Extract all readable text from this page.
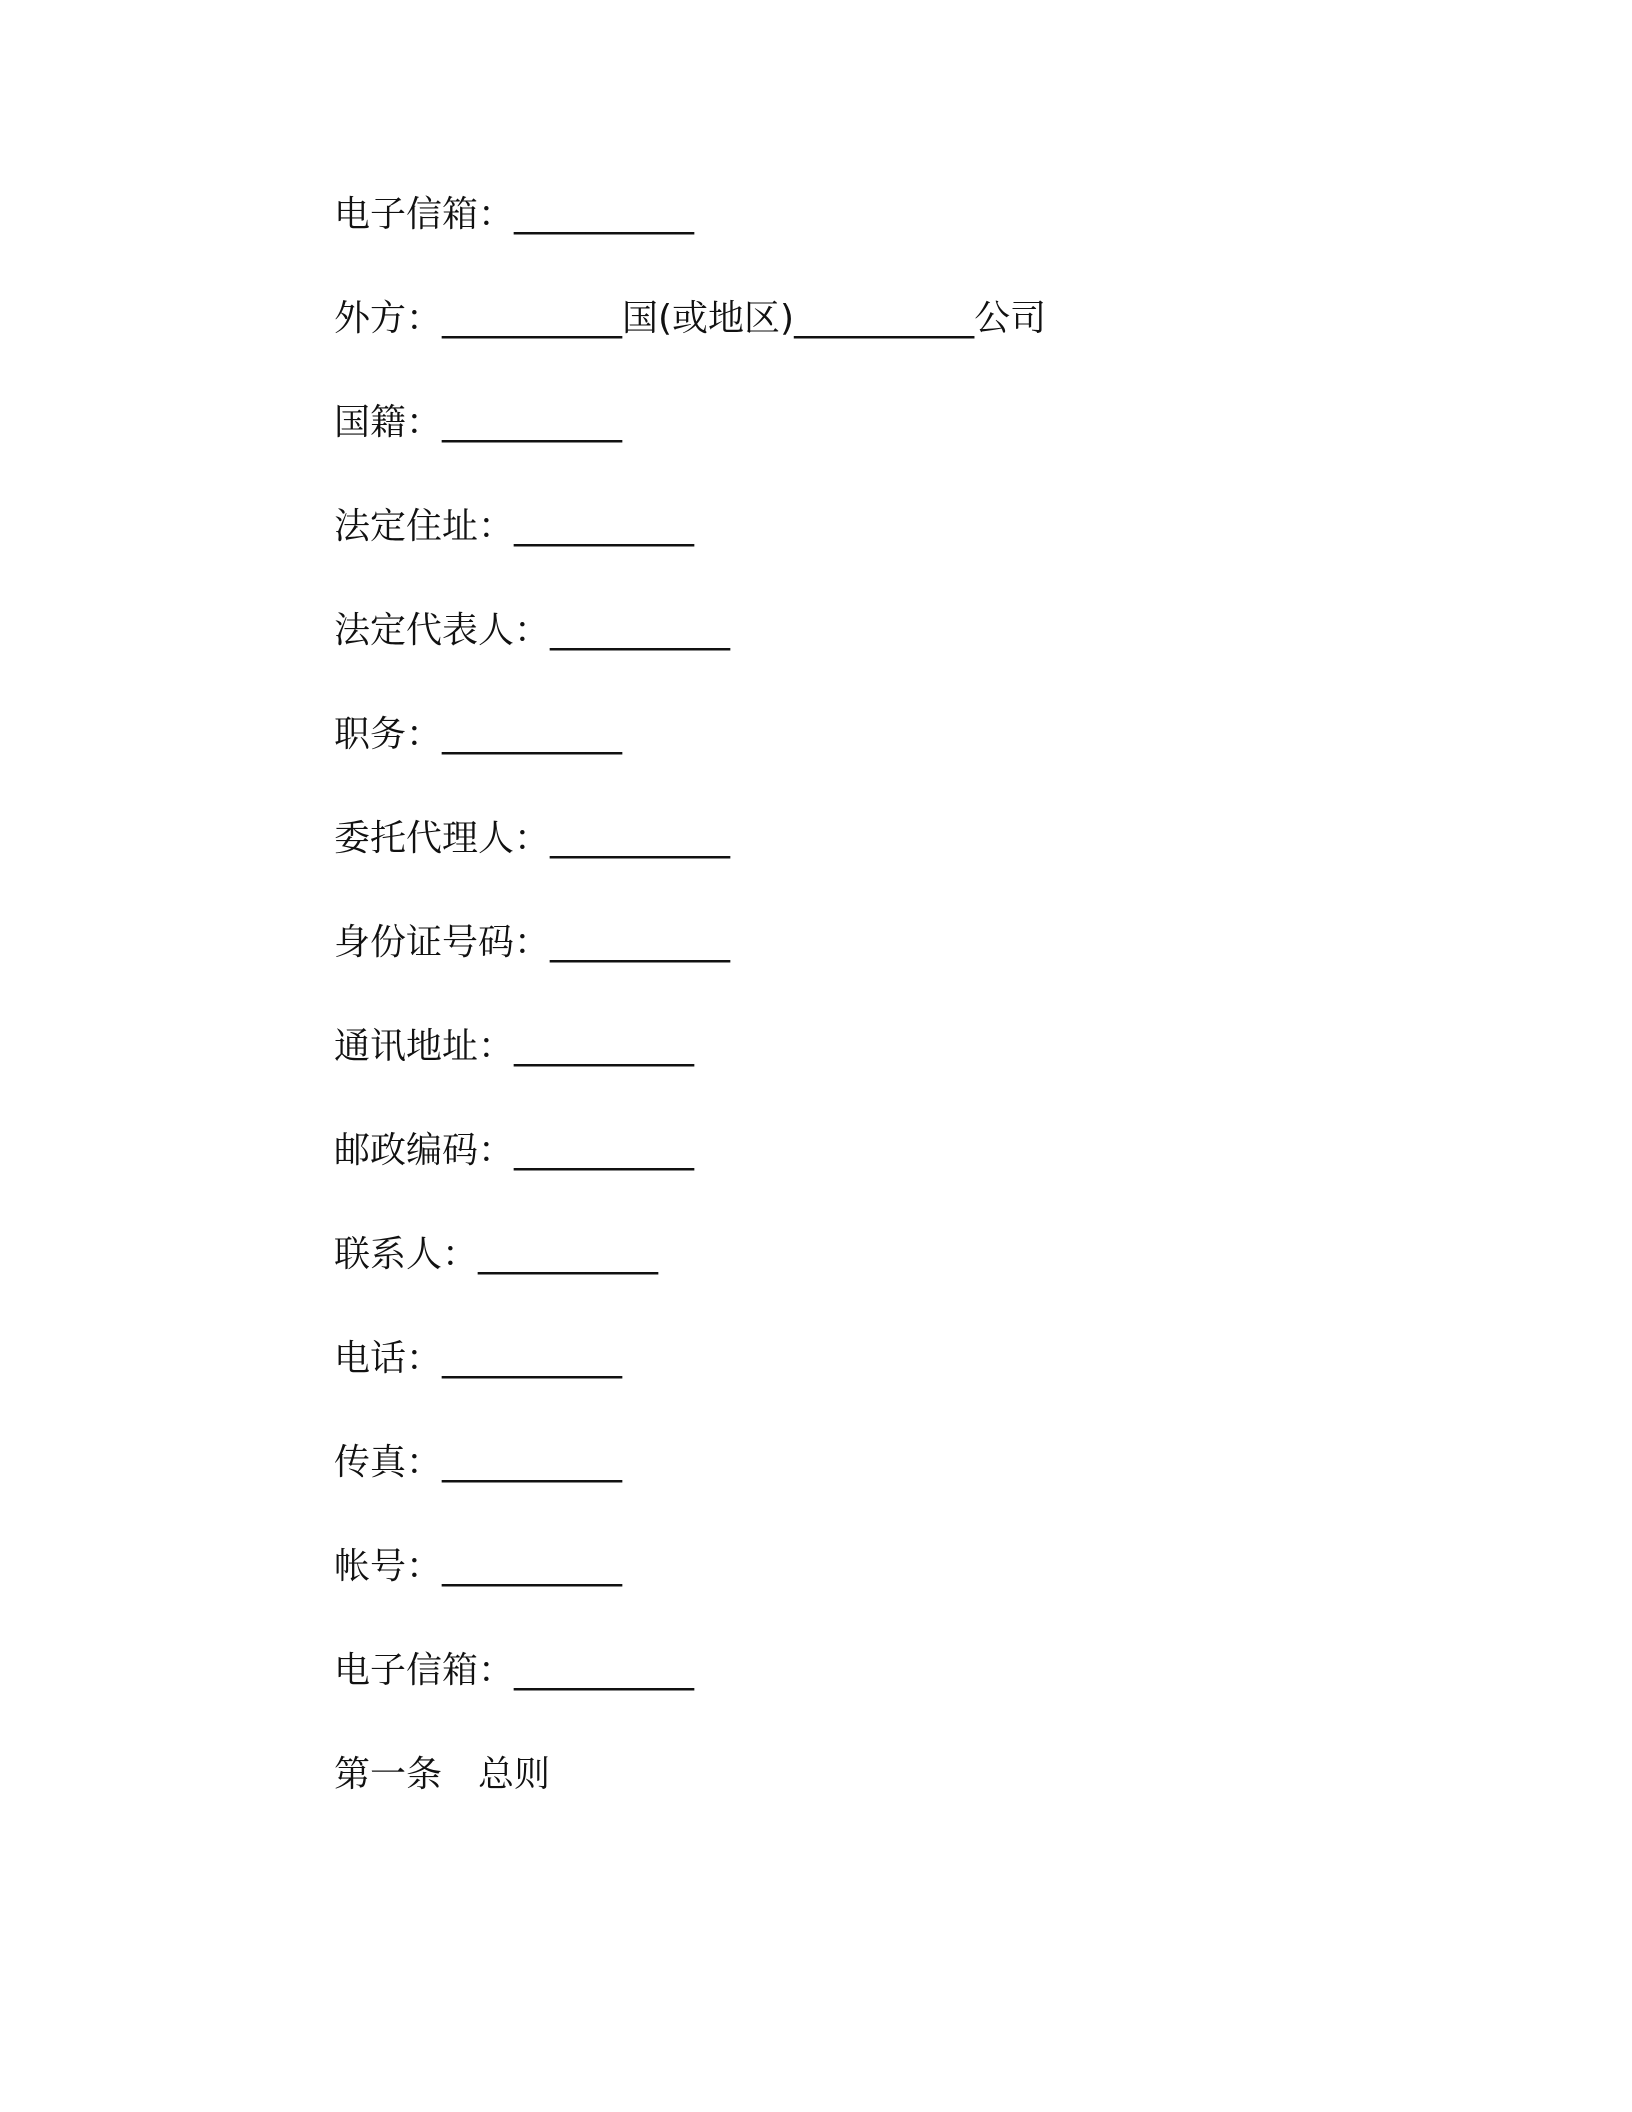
电子信箱：__________
外方：__________国(或地区)__________公司
国籍：__________
法定住址：__________
法定代表人：__________
职务：__________
委托代理人：__________
身份证号码：__________
通讯地址：__________
邮政编码：__________
联系人：__________
电话：__________
传真：__________
帐号：__________
电子信箱：__________
第一条　总则
